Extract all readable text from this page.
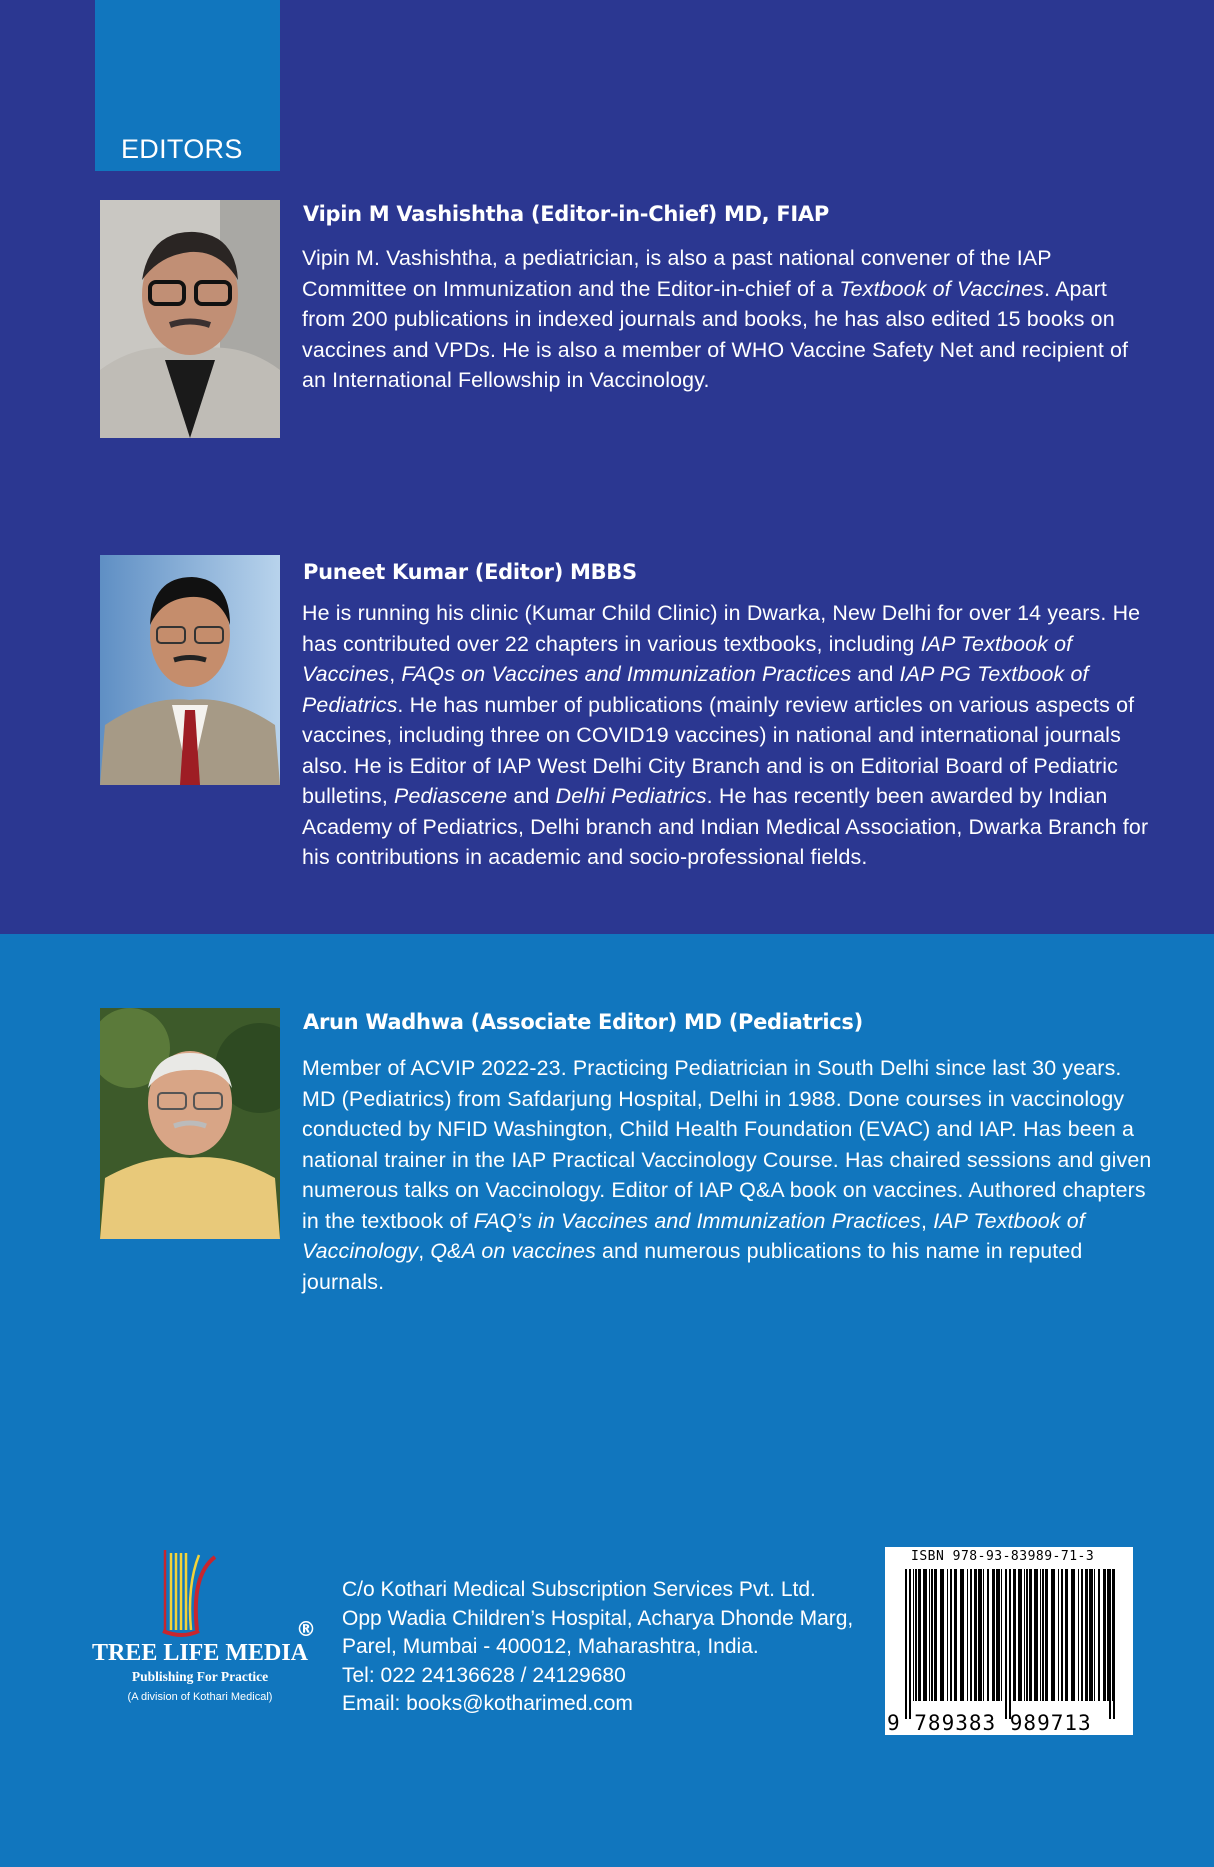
EDITORS
Vipin M Vashishtha (Editor-in-Chief) MD, FIAP
Vipin M. Vashishtha, a pediatrician, is also a past national convener of the IAP Committee on Immunization and the Editor-in-chief of a Textbook of Vaccines. Apart from 200 publications in indexed journals and books, he has also edited 15 books on vaccines and VPDs. He is also a member of WHO Vaccine Safety Net and recipient of an International Fellowship in Vaccinology.
Puneet Kumar (Editor) MBBS
He is running his clinic (Kumar Child Clinic) in Dwarka, New Delhi for over 14 years. He has contributed over 22 chapters in various textbooks, including IAP Textbook of Vaccines, FAQs on Vaccines and Immunization Practices and IAP PG Textbook of Pediatrics. He has number of publications (mainly review articles on various aspects of vaccines, including three on COVID19 vaccines) in national and international journals also. He is Editor of IAP West Delhi City Branch and is on Editorial Board of Pediatric bulletins, Pediascene and Delhi Pediatrics. He has recently been awarded by Indian Academy of Pediatrics, Delhi branch and Indian Medical Association, Dwarka Branch for his contributions in academic and socio-professional fields.
Arun Wadhwa (Associate Editor) MD (Pediatrics)
Member of ACVIP 2022-23. Practicing Pediatrician in South Delhi since last 30 years. MD (Pediatrics) from Safdarjung Hospital, Delhi in 1988. Done courses in vaccinology conducted by NFID Washington, Child Health Foundation (EVAC) and IAP. Has been a national trainer in the IAP Practical Vaccinology Course. Has chaired sessions and given numerous talks on Vaccinology. Editor of IAP Q&A book on vaccines. Authored chapters in the textbook of FAQ’s in Vaccines and Immunization Practices, IAP Textbook of Vaccinology, Q&A on vaccines and numerous publications to his name in reputed journals.
TREE LIFE MEDIA
®
Publishing For Practice
(A division of Kothari Medical)
C/o Kothari Medical Subscription Services Pvt. Ltd.
Opp Wadia Children’s Hospital, Acharya Dhonde Marg,
Parel, Mumbai - 400012, Maharashtra, India.
Tel: 022 24136628 / 24129680
Email: books@kotharimed.com
ISBN 978-93-83989-71-3
9 789383 989713
